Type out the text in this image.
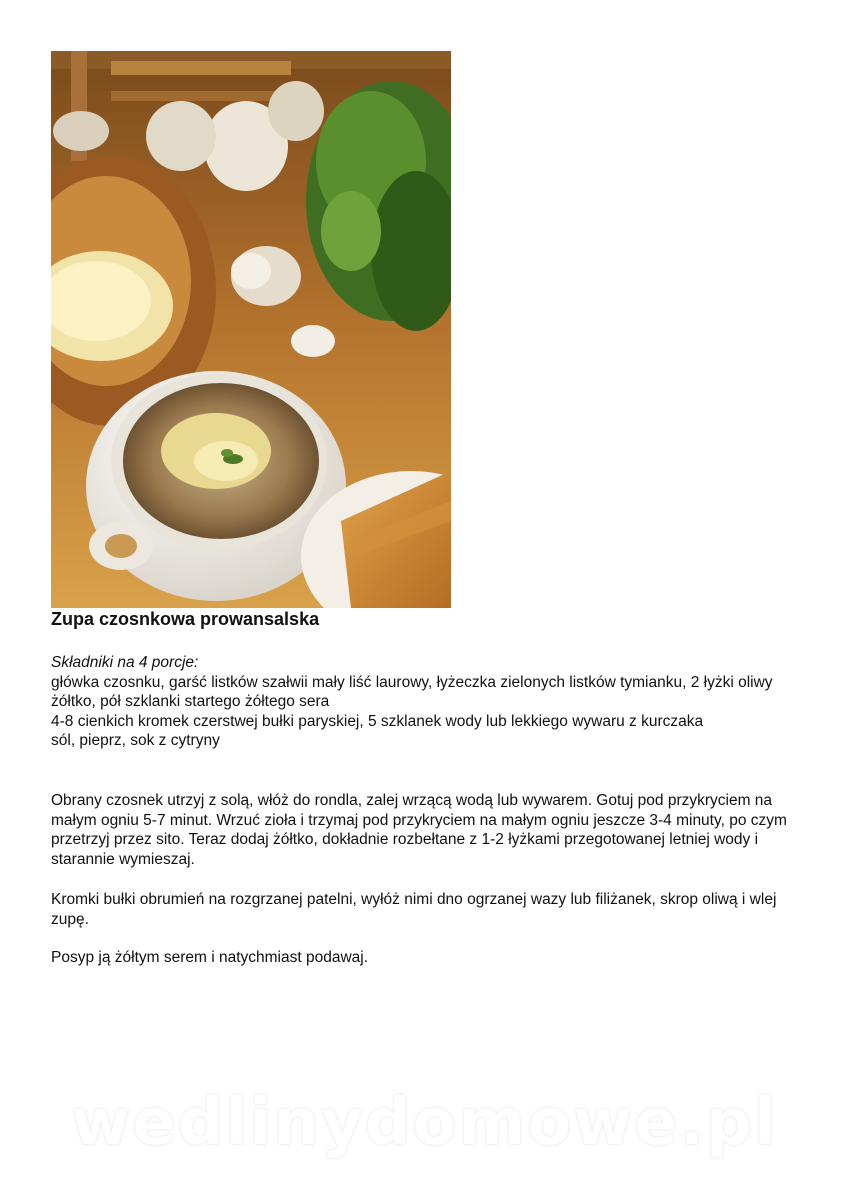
Zupa czosnkowa prowansalska
Składniki na 4 porcje:
główka czosnku, garść listków szałwii mały liść laurowy, łyżeczka zielonych listków tymianku, 2 łyżki oliwy
żółtko, pół szklanki startego żółtego sera
4-8 cienkich kromek czerstwej bułki paryskiej, 5 szklanek wody lub lekkiego wywaru z kurczaka
sól, pieprz, sok z cytryny

Obrany czosnek utrzyj z solą, włóż do rondla, zalej wrzącą wodą lub wywarem. Gotuj pod przykryciem na małym ogniu 5-7 minut. Wrzuć zioła i trzymaj pod przykryciem na małym ogniu jeszcze 3-4 minuty, po czym przetrzyj przez sito. Teraz dodaj żółtko, dokładnie rozbełtane z 1-2 łyżkami przegotowanej letniej wody i starannie wymieszaj.

Kromki bułki obrumień na rozgrzanej patelni, wyłóż nimi dno ogrzanej wazy lub filiżanek, skrop oliwą i wlej zupę.

Posyp ją żółtym serem i natychmiast podawaj.

wedlinydomowe.pl
